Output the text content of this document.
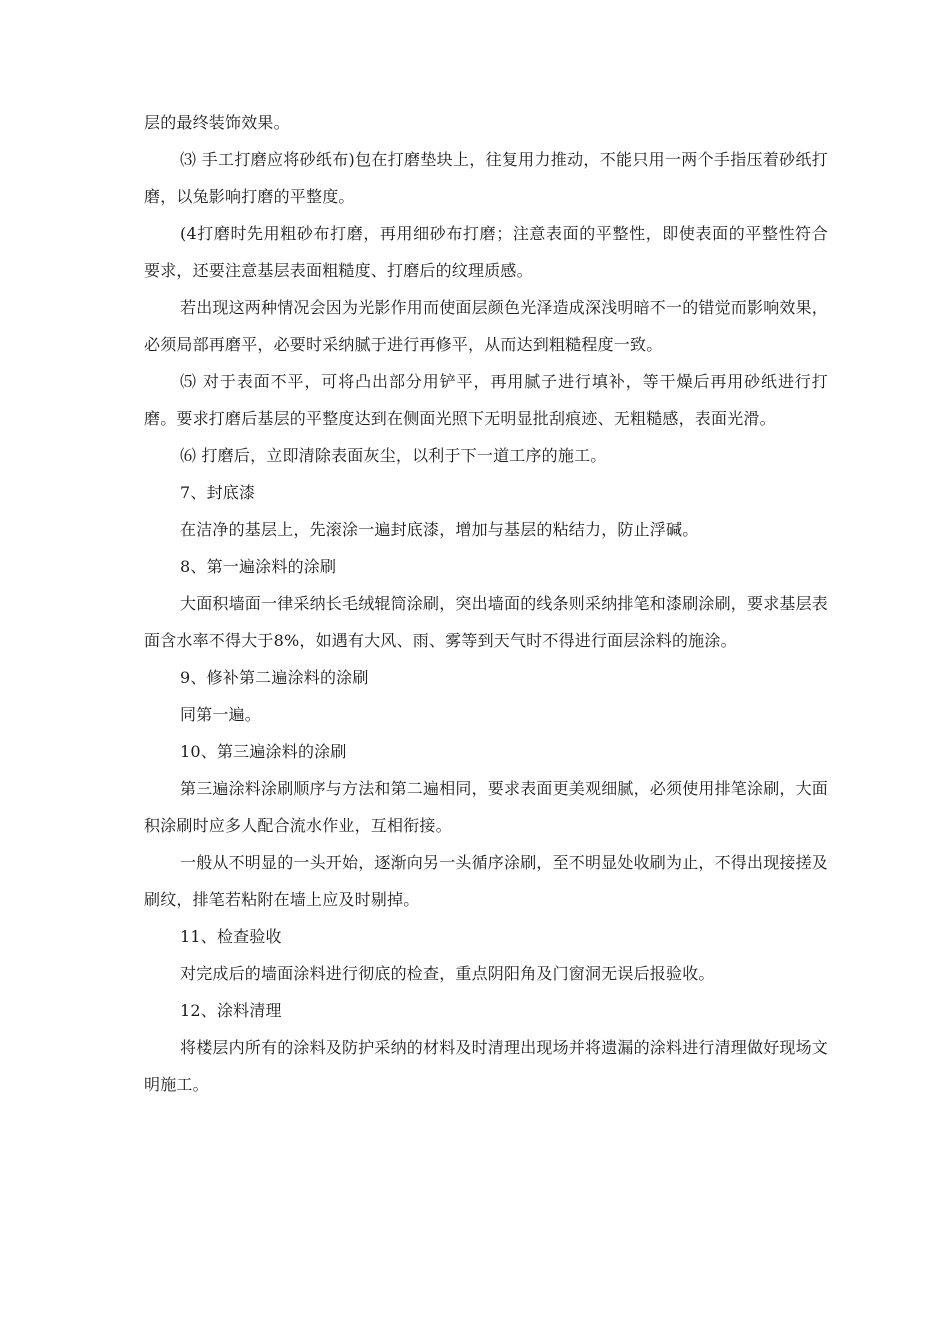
层的最终装饰效果。

⑶ 手工打磨应将砂纸布)包在打磨垫块上，往复用力推动，不能只用一两个手指压着砂纸打磨，以兔影响打磨的平整度。

(4打磨时先用粗砂布打磨，再用细砂布打磨；注意表面的平整性，即使表面的平整性符合要求，还要注意基层表面粗糙度、打磨后的纹理质感。

若出现这两种情况会因为光影作用而使面层颜色光泽造成深浅明暗不一的错觉而影响效果，必须局部再磨平，必要时采纳腻于进行再修平，从而达到粗糙程度一致。

⑸ 对于表面不平，可将凸出部分用铲平，再用腻子进行填补，等干燥后再用砂纸进行打磨。要求打磨后基层的平整度达到在侧面光照下无明显批刮痕迹、无粗糙感，表面光滑。

⑹ 打磨后，立即清除表面灰尘，以利于下一道工序的施工。

7、封底漆

在洁净的基层上，先滚涂一遍封底漆，增加与基层的粘结力，防止浮碱。

8、第一遍涂料的涂刷

大面积墙面一律采纳长毛绒辊筒涂刷，突出墙面的线条则采纳排笔和漆刷涂刷，要求基层表面含水率不得大于8%，如遇有大风、雨、雾等到天气时不得进行面层涂料的施涂。

9、修补第二遍涂料的涂刷

同第一遍。

10、第三遍涂料的涂刷

第三遍涂料涂刷顺序与方法和第二遍相同，要求表面更美观细腻，必须使用排笔涂刷，大面积涂刷时应多人配合流水作业，互相衔接。

一般从不明显的一头开始，逐渐向另一头循序涂刷，至不明显处收刷为止，不得出现接搓及刷纹，排笔若粘附在墙上应及时剔掉。

11、检查验收

对完成后的墙面涂料进行彻底的检查，重点阴阳角及门窗洞无误后报验收。

12、涂料清理

将楼层内所有的涂料及防护采纳的材料及时清理出现场并将遗漏的涂料进行清理做好现场文明施工。
